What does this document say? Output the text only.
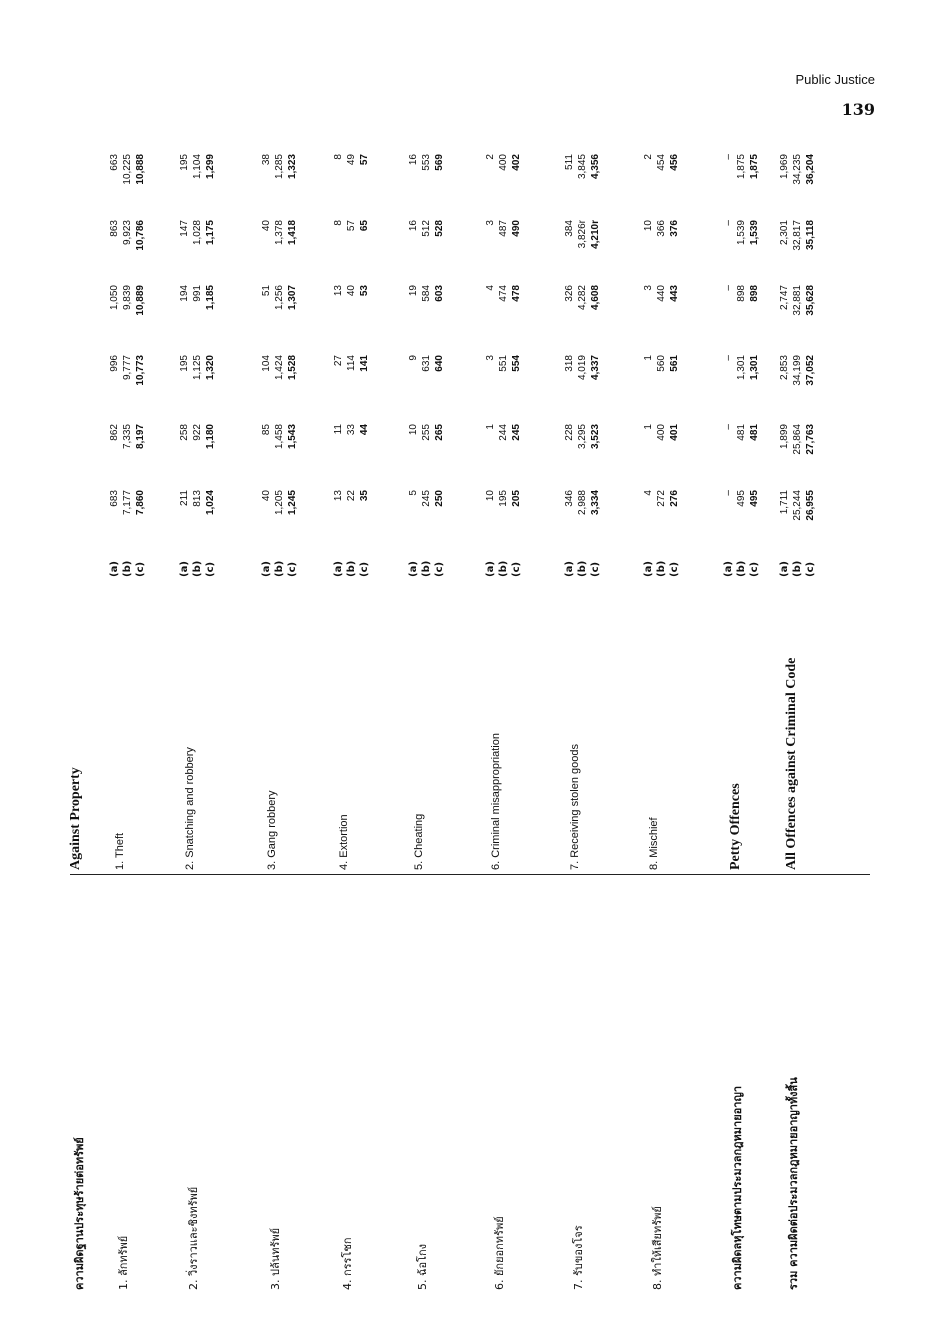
Public Justice
139
ความผิดฐานประทุษร้ายต่อทรัพย์
Against Property
1. ลักทรัพย์
1. Theft
(a) (b) (c)
683 7,177 7,860
862 7,335 8,197
996 9,777 10,773
1,050 9,839 10,889
863 9,923 10,786
663 10,225 10,888
2. วิ่งราวและชิงทรัพย์
2. Snatching and robbery
(a) (b) (c)
211 813 1,024
258 922 1,180
195 1,125 1,320
194 991 1,185
147 1,028 1,175
195 1,104 1,299
3. ปล้นทรัพย์
3. Gang robbery
(a) (b) (c)
40 1,205 1,245
85 1,458 1,543
104 1,424 1,528
51 1,256 1,307
40 1,378 1,418
38 1,285 1,323
4. กรรโชก
4. Extortion
(a) (b) (c)
13 22 35
11 33 44
27 114 141
13 40 53
8 57 65
8 49 57
5. ฉ้อโกง
5. Cheating
(a) (b) (c)
5 245 250
10 255 265
9 631 640
19 584 603
16 512 528
16 553 569
6. ยักยอกทรัพย์
6. Criminal misappropriation
(a) (b) (c)
10 195 205
1 244 245
3 551 554
4 474 478
3 487 490
2 400 402
7. รับของโจร
7. Receiving stolen goods
(a) (b) (c)
346 2,988 3,334
228 3,295 3,523
318 4,019 4,337
326 4,282 4,608
384 3,826r 4,210r
511 3,845 4,356
8. ทำให้เสียทรัพย์
8. Mischief
(a) (b) (c)
4 272 276
1 400 401
1 560 561
3 440 443
10 366 376
2 454 456
ความผิดลหุโทษตามประมวลกฎหมายอาญา
Petty Offences
(a) (b) (c)
– 495 495
– 481 481
– 1,301 1,301
– 898 898
– 1,539 1,539
– 1,875 1,875
รวม ความผิดต่อประมวลกฎหมายอาญาทั้งสิ้น
All Offences against Criminal Code
(a) (b) (c)
1,711 25,244 26,955
1,899 25,864 27,763
2,853 34,199 37,052
2,747 32,881 35,628
2,301 32,817 35,118
1,969 34,235 36,204
